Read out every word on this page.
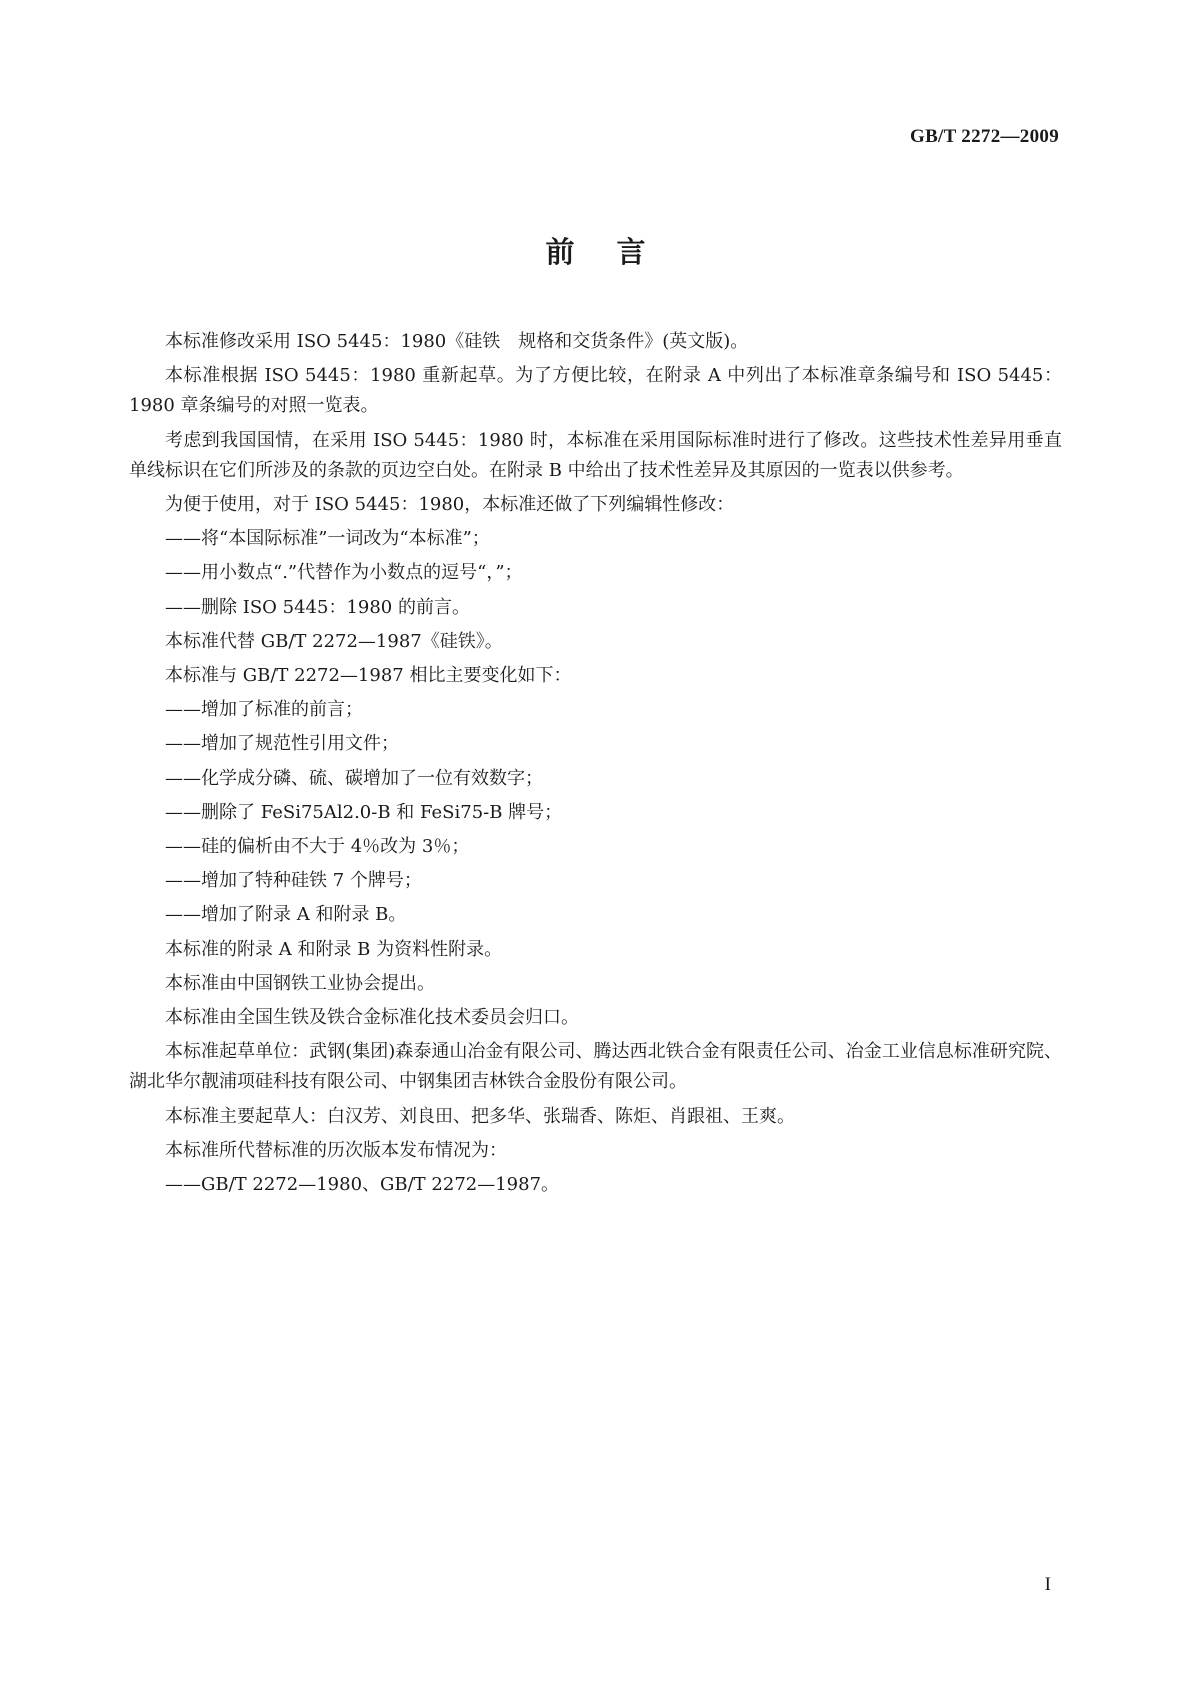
GB/T 2272—2009
前言

本标准修改采用 ISO 5445：1980《硅铁　规格和交货条件》(英文版)。

本标准根据 ISO 5445：1980 重新起草。为了方便比较，在附录 A 中列出了本标准章条编号和 ISO 5445：1980 章条编号的对照一览表。

考虑到我国国情，在采用 ISO 5445：1980 时，本标准在采用国际标准时进行了修改。这些技术性差异用垂直单线标识在它们所涉及的条款的页边空白处。在附录 B 中给出了技术性差异及其原因的一览表以供参考。

为便于使用，对于 ISO 5445：1980，本标准还做了下列编辑性修改：

——将“本国际标准”一词改为“本标准”；

——用小数点“.”代替作为小数点的逗号“，”；

——删除 ISO 5445：1980 的前言。

本标准代替 GB/T 2272—1987《硅铁》。

本标准与 GB/T 2272—1987 相比主要变化如下：

——增加了标准的前言；

——增加了规范性引用文件；

——化学成分磷、硫、碳增加了一位有效数字；

——删除了 FeSi75Al2.0-B 和 FeSi75-B 牌号；

——硅的偏析由不大于 4％改为 3％；

——增加了特种硅铁 7 个牌号；

——增加了附录 A 和附录 B。

本标准的附录 A 和附录 B 为资料性附录。

本标准由中国钢铁工业协会提出。

本标准由全国生铁及铁合金标准化技术委员会归口。

本标准起草单位：武钢(集团)森泰通山冶金有限公司、腾达西北铁合金有限责任公司、冶金工业信息标准研究院、湖北华尔靓浦项硅科技有限公司、中钢集团吉林铁合金股份有限公司。

本标准主要起草人：白汉芳、刘良田、把多华、张瑞香、陈炬、肖跟祖、王爽。

本标准所代替标准的历次版本发布情况为：

——GB/T 2272—1980、GB/T 2272—1987。

I
